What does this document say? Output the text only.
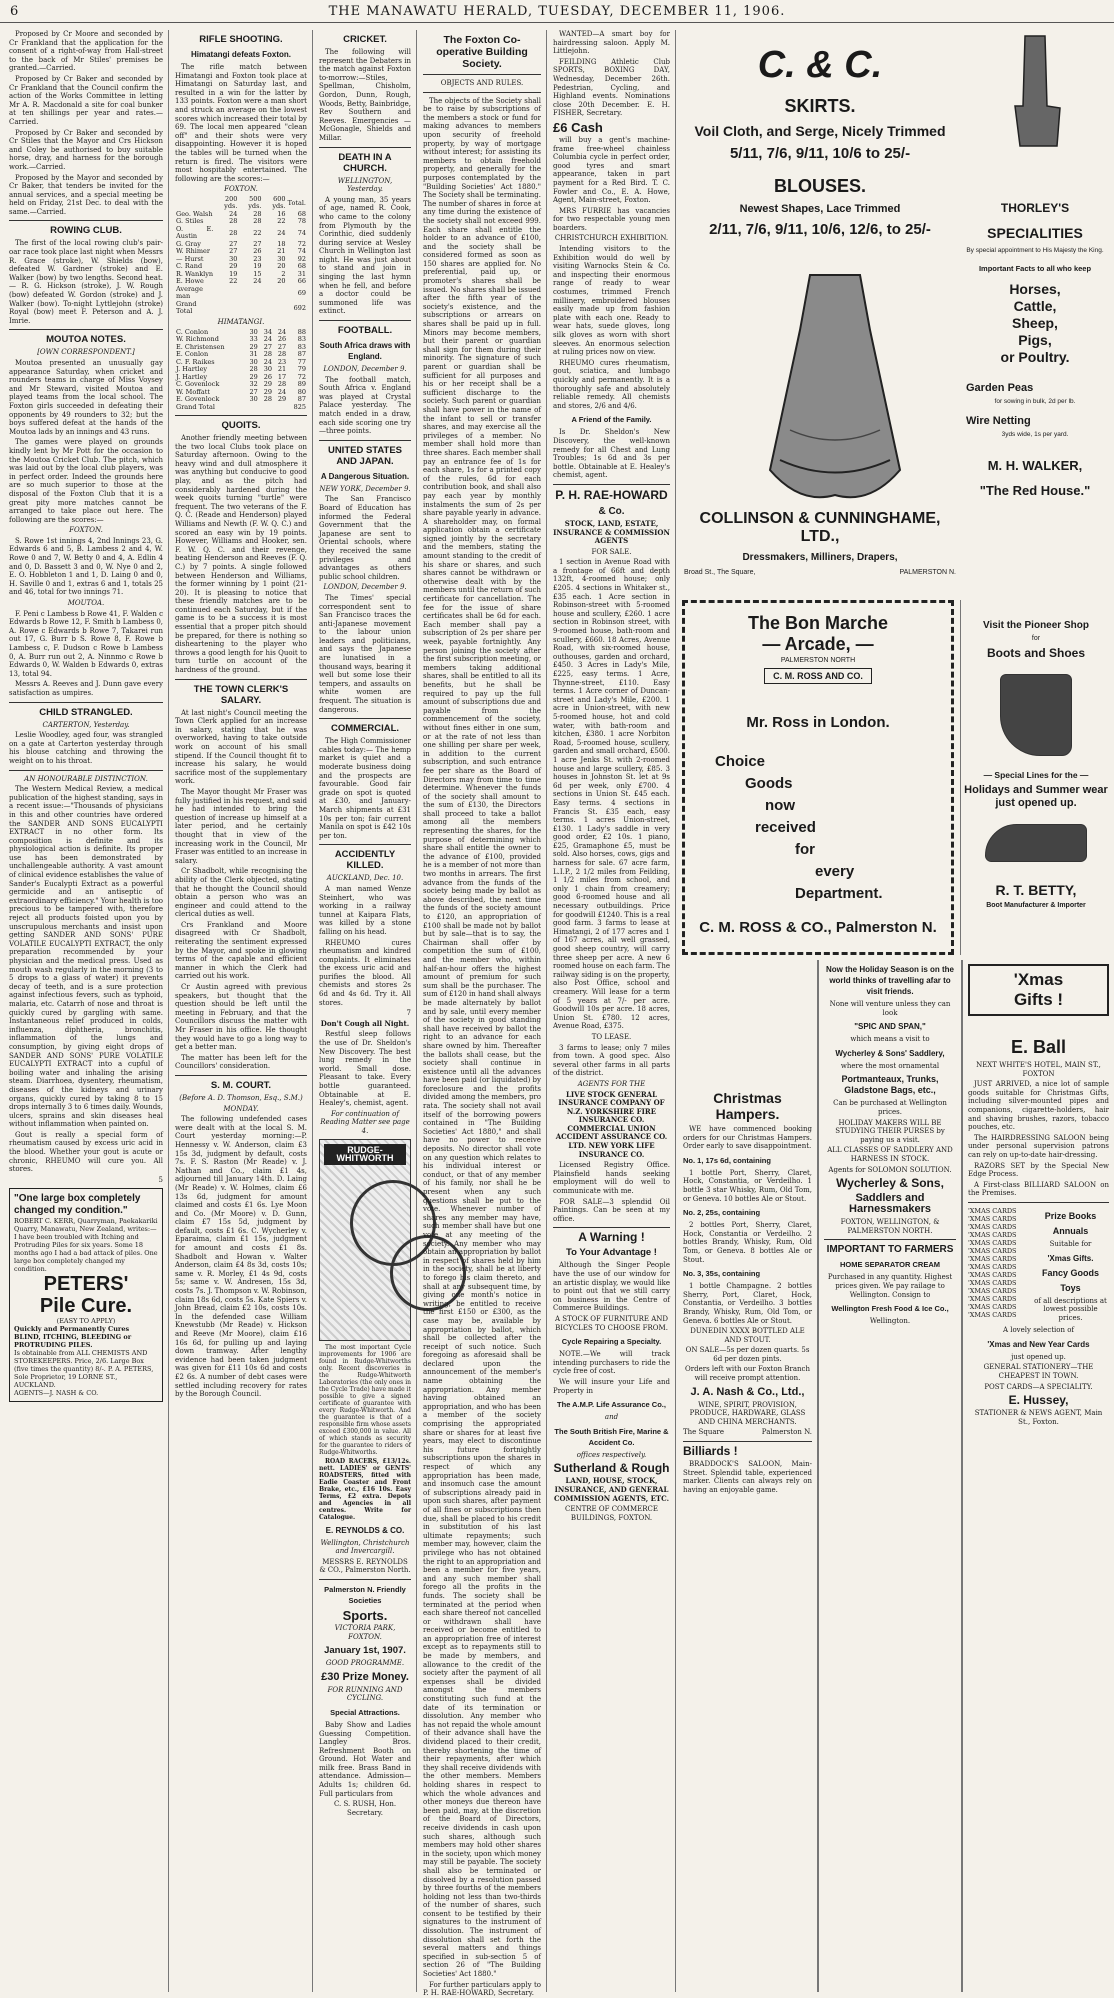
6	THE MANAWATU HERALD, TUESDAY, DECEMBER 11, 1906.

Proposed by Cr Moore and seconded by Cr Frankland that the application for the consent of a right-of-way from Hall-street to the back of Mr Stiles' premises be granted.—Carried.

Proposed by Cr Baker and seconded by Cr Frankland that the Council confirm the action of the Works Committee in letting Mr A. R. Macdonald a site for coal bunker at ten shillings per year and rates.—Carried.

Proposed by Cr Baker and seconded by Cr Stiles that the Mayor and Crs Hickson and Coley be authorised to buy suitable horse, dray, and harness for the borough work.—Carried.

Proposed by the Mayor and seconded by Cr Baker, that tenders be invited for the annual services, and a special meeting be held on Friday, 21st Dec. to deal with the same.—Carried.

ROWING CLUB.

The first of the local rowing club's pair-oar race took place last night when Messrs R. Grace (stroke), W. Shields (bow), defeated W. Gardner (stroke) and E. Walker (bow) by two lengths. Second heat.— R. G. Hickson (stroke), J. W. Rough (bow) defeated W. Gordon (stroke) and J. Walker (bow). To-night Lyttlejohn (stroke) Royal (bow) meet F. Peterson and A. J. Imrie.

MOUTOA NOTES.

[OWN CORRESPONDENT.]

Moutoa presented an unusually gay appearance Saturday, when cricket and rounders teams in charge of Miss Voysey and Mr Steward, visited Moutoa and played teams from the local school. The Foxton girls succeeded in defeating their opponents by 49 rounders to 32; but the boys suffered defeat at the hands of the Moutoa lads by an innings and 43 runs.

The games were played on grounds kindly lent by Mr Pott for the occasion to the Moutoa Cricket Club. The pitch, which was laid out by the local club players, was in perfect order. Indeed the grounds here are so much superior to those at the disposal of the Foxton Club that it is a great pity more matches cannot be arranged to take place out here. The following are the scores:—

FOXTON.

S. Rowe 1st innings 4, 2nd Innings 23, G. Edwards 6 and 5, B. Lambess 2 and 4, W. Rowe 0 and 7, W. Betty 0 and 4, A. Edlin 4 and 0, D. Bassett 3 and 0, W. Nye 0 and 2, E. O. Hobbleton 1 and 1, D. Laing 0 and 0, H. Saville 0 and 1, extras 6 and 1, totals 25 and 46, total for two innings 71.

MOUTOA.

F. Peni c Lambess b Rowe 41, F. Walden c Edwards b Rowe 12, F. Smith b Lambess 0, A. Rowe c Edwards b Rowe 7, Takarei run out 17, G. Burr b S. Rowe 8, F. Rowe b Lambess c, F. Dudson c Rowe b Lambess 0, A. Burr run out 2, A. Ninnmo c Rowe b Edwards 0, W. Walden b Edwards 0, extras 13, total 94.

Messrs A. Reeves and J. Dunn gave every satisfaction as umpires.

CHILD STRANGLED.

CARTERTON, Yesterday.

Leslie Woodley, aged four, was strangled on a gate at Carterton yesterday through his blouse catching and throwing the weight on to his throat.

AN HONOURABLE DISTINCTION.

The Western Medical Review, a medical publication of the highest standing, says in a recent issue:—"Thousands of physicians in this and other countries have ordered the SANDER AND SONS EUCALYPTI EXTRACT in no other form. Its composition is definite and its physiological action is definite. Its proper use has been demonstrated by unchallengeable authority. A vast amount of clinical evidence establishes the value of Sander's Eucalypti Extract as a powerful germicide and an antiseptic of extraordinary efficiency." Your health is too precious to be tampered with, therefore reject all products foisted upon you by unscrupulous merchants and insist upon getting SANDER AND SONS' PURE VOLATILE EUCALYPTI EXTRACT, the only preparation recommended by your physician and the medical press. Used as mouth wash regularly in the morning (3 to 5 drops to a glass of water) it prevents decay of teeth, and is a sure protection against infectious fevers, such as typhoid, malaria, etc. Catarrh of nose and throat is quickly cured by gargling with same. Instantaneous relief produced in colds, influenza, diphtheria, bronchitis, inflammation of the lungs and consumption, by giving eight drops of SANDER AND SONS' PURE VOLATILE EUCALYPTI EXTRACT into a cupful of boiling water and inhaling the arising steam. Diarrhoea, dysentery, rheumatism, diseases of the kidneys and urinary organs, quickly cured by taking 8 to 15 drops internally 3 to 6 times daily. Wounds, ulcers, sprains and skin diseases heal without inflammation when painted on.

Gout is really a special form of rheumatism caused by excess uric acid in the blood. Whether your gout is acute or chronic, RHEUMO will cure you. All stores.

5

"One large box completely changed my condition."
ROBERT C. KERR, Quarryman, Paekakariki Quarry, Manawatu, New Zealand, writes:— I have been troubled with Itching and Protruding Piles for six years. Some 18 months ago I had a bad attack of piles. One large box completely changed my condition.
PETERS'
Pile Cure.
(EASY TO APPLY)
Quickly and Permanently Cures BLIND, ITCHING, BLEEDING or PROTRUDING PILES.
Is obtainable from ALL CHEMISTS AND STOREKEEPERS. Price, 2/6. Large Box (five times the quantity) 8/-. P. A. PETERS, Sole Proprietor, 19 LORNE ST., AUCKLAND.
AGENTS—J. NASH & CO.

RIFLE SHOOTING.

Himatangi defeats Foxton.

The rifle match between Himatangi and Foxton took place at Himatangi on Saturday last, and resulted in a win for the latter by 133 points. Foxton were a man short and struck an average on the lowest scores which increased their total by 69. The local men appeared "clean off" and their shots were very disappointing. However it is hoped the tables will be turned when the return is fired. The visitors were most hospitably entertained. The following are the scores:—

FOXTON.

	200 yds.	500 yds.	600 yds.	Total.
Geo. Walsh	24	28	16	68
G. Stiles	28	28	22	78
O. E. Austin	28	22	24	74
G. Gray	27	27	18	72
W. Rhimer	27	26	21	74
— Hurst	30	23	30	92
C. Rand	29	19	20	68
R. Wanklyn	19	15	2	31
E. Howe	22	24	20	66
Average man				69
Grand Total				692

HIMATANGI.

C. Conlon	30	34	24	88
W. Richmond	33	24	26	83
E. Christensen	29	27	27	83
E. Conlon	31	28	28	87
C. F. Raikes	30	24	23	77
J. Hartley	28	30	21	79
J. Hartley	29	26	17	72
C. Govenlock	32	29	28	89
W. Moffatt	27	29	24	80
E. Govenlock	30	28	29	87
Grand Total				825

QUOITS.

Another friendly meeting between the two local Clubs took place on Saturday afternoon. Owing to the heavy wind and dull atmosphere it was anything but conducive to good play, and as the pitch had considerably hardened during the week quoits turning "turtle" were frequent. The two veterans of the F. Q. C. (Reade and Henderson) played Williams and Newth (F. W. Q. C.) and scored an easy win by 19 points. However, Williams and Hooker, sen. F. W. Q. C. and their revenge, beating Henderson and Reeves (F. Q. C.) by 7 points. A single followed between Henderson and Williams, the former winning by 1 point (21-20). It is pleasing to notice that these friendly matches are to be continued each Saturday, but if the game is to be a success it is most essential that a proper pitch should be prepared, for there is nothing so disheartening to the player who throws a good length for his Quoit to turn turtle on account of the hardness of the ground.

THE TOWN CLERK'S SALARY.

At last night's Council meeting the Town Clerk applied for an increase in salary, stating that he was overworked, having to take outside work on account of his small stipend. If the Council thought fit to increase his salary, he would sacrifice most of the supplementary work.

The Mayor thought Mr Fraser was fully justified in his request, and said he had intended to bring the question of increase up himself at a later period, and he certainly thought that in view of the increasing work in the Council, Mr Fraser was entitled to an increase in salary.

Cr Shadbolt, while recognising the ability of the Clerk objected, stating that he thought the Council should obtain a person who was an engineer and could attend to the clerical duties as well.

Crs Frankland and Moore disagreed with Cr Shadbolt, reiterating the sentiment expressed by the Mayor, and spoke in glowing terms of the capable and efficient manner in which the Clerk had carried out his work.

Cr Austin agreed with previous speakers, but thought that the question should be left until the meeting in February, and that the Councillors discuss the matter with Mr Fraser in his office. He thought they would have to go a long way to get a better man.

The matter has been left for the Councillors' consideration.

S. M. COURT.

(Before A. D. Thomson, Esq., S.M.)

MONDAY.

The following undefended cases were dealt with at the local S. M. Court yesterday morning:—P. Hennessy v. W. Anderson, claim £3 15s 3d, judgment by default, costs 7s. F. S. Raston (Mr Reade) v. J. Nathan and Co., claim £1 4s, adjourned till January 14th. D. Laing (Mr Reade) v. W. Holmes, claim £6 13s 6d, judgment for amount claimed and costs £1 6s. Lye Moon and Co. (Mr Moore) v. D. Gunn, claim £7 15s 5d, judgment by default, costs £1 6s. C. Wycherley v. Eparaima, claim £1 15s, judgment for amount and costs £1 8s. Shadbolt and Howan v. Walter Anderson, claim £4 8s 3d, costs 10s; same v. R. Morley, £1 4s 9d, costs 5s; same v. W. Andresen, 15s 3d, costs 7s. J. Thompson v. W. Robinson, claim 18s 6d, costs 5s. Kate Spiers v. John Bread, claim £2 10s, costs 10s. In the defended case William Knewstubb (Mr Reade) v. Hickson and Reeve (Mr Moore), claim £16 16s 6d, for pulling up and laying down tramway. After lengthy evidence had been taken judgment was given for £11 10s 6d and costs £2 6s. A number of debt cases were settled including recovery for rates by the Borough Council.

CRICKET.

The following will represent the Debaters in the match against Foxton to-morrow:—Stiles, Spellman, Chisholm, Gordon, Dunn, Rough, Woods, Betty, Bainbridge, Rev Southern and Reeves. Emergencies — McGonagle, Shields and Millar.

DEATH IN A CHURCH.

WELLINGTON, Yesterday.

A young man, 35 years of age, named R. Cook, who came to the colony from Plymouth by the Corinthic, died suddenly during service at Wesley Church in Wellington last night. He was just about to stand and join in singing the last hymn when he fell, and before a doctor could be summoned life was extinct.

FOOTBALL.

South Africa draws with England.

LONDON, December 9.

The football match, South Africa v. England was played at Crystal Palace yesterday. The match ended in a draw, each side scoring one try—three points.

UNITED STATES AND JAPAN.

A Dangerous Situation.

NEW YORK, December 9.

The San Francisco Board of Education has informed the Federal Government that the Japanese are sent to Oriental schools, where they received the same privileges and advantages as others public school children.

LONDON, December 9.

The Times' special correspondent sent to San Francisco traces the anti-Japanese movement to the labour union leaders and politicians, and says the Japanese are lunatised in a thousand ways, bearing it well but some lose their tempers, and assaults on white women are frequent. The situation is dangerous.

COMMERCIAL.

The High Commissioner cables today:— The hemp market is quiet and a moderate business doing and the prospects are favourable. Good fair grade on spot is quoted at £30, and January-March shipments at £31 10s per ton; fair current Manila on spot is £42 10s per ton.

ACCIDENTLY KILLED.

AUCKLAND, Dec. 10.

A man named Wenze Steinhert, who was working in a railway tunnel at Kaipara Flats, was killed by a stone falling on his head.

RHEUMO cures rheumatism and kindred complaints. It eliminates the excess uric acid and purifies the blood. All chemists and stores 2s 6d and 4s 6d. Try it. All stores.

7

Don't Cough all Night.

Restful sleep follows the use of Dr. Sheldon's New Discovery. The best lung remedy in the world. Small dose. Pleasant to take. Every bottle guaranteed. Obtainable at E. Healey's, chemist, agent.

For continuation of Reading Matter see page 4.

RUDGE-WHITWORTH

The most important Cycle improvements for 1906 are found in Rudge-Whitworths only. Recent discoveries in the Rudge-Whitworth Laboratories (the only ones in the Cycle Trade) have made it possible to give a signed certificate of guarantee with every Rudge-Whitworth. And the guarantee is that of a responsible firm whose assets exceed £300,000 in value. All of which stands as security for the guarantee to riders of Rudge-Whitworths.

ROAD RACERS, £13/12s. nett. LADIES' or GENTS' ROADSTERS, fitted with Eadie Coaster and Front Brake, etc., £16 10s. Easy Terms, £2 extra. Depots and Agencies in all centres. Write for Catalogue.

E. REYNOLDS & CO.

Wellington, Christchurch and Invercargill.

MESSRS E. REYNOLDS & CO., Palmerston North.

Palmerston N. Friendly Societies

Sports.

VICTORIA PARK, FOXTON.

January 1st, 1907.

GOOD PROGRAMME.

£30 Prize Money.

FOR RUNNING AND CYCLING.

Special Attractions.

Baby Show and Ladies Guessing Competition. Langley Bros. Refreshment Booth on Ground. Hot Water and milk free. Brass Band in attendance. Admission—Adults 1s; children 6d. Full particulars from

C. S. RUSH, Hon. Secretary.

The Foxton Co-operative Building Society.

OBJECTS AND RULES.

The objects of the Society shall be to raise by subscriptions of the members a stock or fund for making advances to members upon security of freehold property, by way of mortgage without interest; for assisting its members to obtain freehold property, and generally for the purposes contemplated by the "Building Societies' Act 1880." The Society shall be terminating. The number of shares in force at any time during the existence of the society shall not exceed 999. Each share shall entitle the holder to an advance of £100, and the society shall be considered formed as soon as 150 shares are applied for. No preferential, paid up, or promoter's shares shall be issued. No shares shall be issued after the fifth year of the society's existence, and the subscriptions or arrears on shares shall be paid up in full. Minors may become members, but their parent or guardian shall sign for them during their minority. The signature of such parent or guardian shall be sufficient for all purposes and his or her receipt shall be a sufficient discharge to the society. Such parent or guardian shall have power in the name of the infant to sell or transfer shares, and may exercise all the privileges of a member. No member shall hold more than three shares. Each member shall pay an entrance fee of 1s for each share, 1s for a printed copy of the rules, 6d for each contribution book, and shall also pay each year by monthly instalments the sum of 2s per share payable yearly in advance. A shareholder may, on formal application obtain a certificate signed jointly by the secretary and the members, stating the amount standing to the credit of his share or shares, and such shares cannot be withdrawn or otherwise dealt with by the members until the return of such certificate for cancellation. The fee for the issue of share certificates shall be 6d for each. Each member shall pay a subscription of 2s per share per week, payable fortnightly. Any person joining the society after the first subscription meeting, or members taking additional shares, shall be entitled to all its benefits, but he shall be required to pay up the full amount of subscriptions due and payable from the commencement of the society, without fines either in one sum, or at the rate of not less than one shilling per share per week, in addition to the current subscription, and such entrance fee per share as the Board of Directors may from time to time determine. Whenever the funds of the society shall amount to the sum of £130, the Directors shall proceed to take a ballot among all the members representing the shares, for the purpose of determining which share shall entitle the owner to the advance of £100, provided he is a member of not more than two months in arrears. The first advance from the funds of the society being made by ballot as above described, the next time the funds of the society amount to £120, an appropriation of £100 shall be made not by ballot but by sale—that is to say, the Chairman shall offer by competition the sum of £100, and the member who, within half-an-hour offers the highest amount of premium for such sum shall be the purchaser. The sum of £120 in hand shall always be made alternately by ballot and by sale, until every member of the society in good standing shall have received by ballot the right to an advance for each share owned by him. Thereafter the ballots shall cease, but the society shall continue in existence until all the advances have been paid (or liquidated) by foreclosure and the profits divided among the members, pro rata. The society shall not avail itself of the borrowing powers contained in "The Building Societies' Act 1880," and shall have no power to receive deposits. No director shall vote on any question which relates to his individual interest or conduct, or that of any member of his family, nor shall he be present when any such questions shall be put to the vote. Whenever number of shares any member may have, such member shall have but one vote at any meeting of the society. Any member who may obtain an appropriation by ballot in respect of shares held by him in the society, shall be at liberty to forego his claim thereto, and shall at any subsequent time, by giving one month's notice in writing, be entitled to receive the first £150 or £300, as the case may be, available by appropriation by ballot, which shall be collected after the receipt of such notice. Such foregoing as aforesaid shall be declared upon the announcement of the member's name obtaining the appropriation. Any member having obtained an appropriation, and who has been a member of the society comprising the appropriated share or shares for at least five years, may elect to discontinue his future fortnightly subscriptions upon the shares in respect of which any appropriation has been made, and insomuch case the amount of subscriptions already paid in upon such shares, after payment of all fines or subscriptions then due, shall be placed to his credit in substitution of his last ultimate repayments; such member may, however, claim the privilege who has not obtained the right to an appropriation and been a member for five years, and any such member shall forego all the profits in the funds. The society shall be terminated at the period when each share thereof not cancelled or withdrawn shall have received or become entitled to an appropriation free of interest except as to repayments still to be made by members, and allowance to the credit of the society after the payment of all expenses shall be divided amongst the members constituting such fund at the date of its termination or dissolution. Any member who has not repaid the whole amount of their advance shall have the dividend placed to their credit, thereby shortening the time of their repayments, after which they shall receive dividends with the other members. Members holding shares in respect to which the whole advances and other moneys due thereon have been paid, may, at the discretion of the Board of Directors, receive dividends in cash upon such shares, although such members may hold other shares in the society, upon which money may still be payable. The society shall also be terminated or dissolved by a resolution passed by three fourths of the members holding not less than two-thirds of the number of shares, such consent to be testified by their signatures to the instrument of dissolution. The instrument of dissolution shall set forth the several matters and things specified in sub-section 5 of section 26 of "The Building Societies' Act 1880."

For further particulars apply to P. H. RAE-HOWARD, Secretary.

WANTED—A smart boy for hairdressing saloon. Apply M. Littlejohn.

FEILDING Athletic Club SPORTS, BOXING DAY, Wednesday, December 26th. Pedestrian, Cycling, and Highland events. Nominations close 20th December. E. H. FISHER, Secretary.

£6 Cash

will buy a gent's machine-frame free-wheel chainless Columbia cycle in perfect order, good tyres and smart appearance, taken in part payment for a Red Bird. T. C. Fowler and Co., E. A. Howe, Agent, Main-street, Foxton.

MRS FURRIE has vacancies for two respectable young men boarders.

CHRISTCHURCH EXHIBITION.

Intending visitors to the Exhibition would do well by visiting Warnocks Stein & Co. and inspecting their enormous range of ready to wear costumes, trimmed French millinery, embroidered blouses easily made up from fashion plate with each one. Ready to wear hats, suede gloves, long silk gloves as worn with short sleeves. An enormous selection at ruling prices now on view.

RHEUMO cures rheumatism, gout, sciatica, and lumbago quickly and permanently. It is a thoroughly safe and absolutely reliable remedy. All chemists and stores, 2/6 and 4/6.

A Friend of the Family.

Is Dr. Sheldon's New Discovery, the well-known remedy for all Chest and Lung Troubles; 1s 6d and 3s per bottle. Obtainable at E. Healey's chemist, agent.

P. H. RAE-HOWARD

& Co.

STOCK, LAND, ESTATE, INSURANCE & COMMISSION AGENTS

FOR SALE.

1 section in Avenue Road with a frontage of 66ft and depth 132ft, 4-roomed house; only £205. 4 sections in Whitaker st., £35 each. 1 Acre section in Robinson-street with 5-roomed house and scullery, £260. 1 acre section in Robinson street, with 9-roomed house, bath-room and scullery, £660. 18 Acres, Avenue Road, with six-roomed house, outhouses, garden and orchard, £450. 3 Acres in Lady's Mile, £225, easy terms. 1 Acre, Thynne-street, £110. Easy terms. 1 Acre corner of Duncan-street and Lady's Mile, £200. 1 acre in Union-street, with new 5-roomed house, hot and cold water, with bath-room and kitchen, £380. 1 acre Norbiton Road, 5-roomed house, scullery, garden and small orchard, £500. 1 acre Jenks St. with 2-roomed house and large scullery, £85. 3 houses in Johnston St. let at 9s 6d per week, only £700. 4 sections in Union St. £45 each. Easy terms. 4 sections in Francis St. £35 each, easy terms. 1 acres Union-street, £130. 1 Lady's saddle in very good order, £2 10s. 1 piano, £25, Gramaphone £5, must be sold. Also horses, cows, gigs and harness for sale. 67 acre farm, L.I.P., 2 1/2 miles from Feilding, 1 1/2 miles from school, and only 1 chain from creamery; good 6-roomed house and all necessary outbuildings. Price for goodwill £1240. This is a real good farm. 3 farms to lease at Himatangi, 2 of 177 acres and 1 of 167 acres, all well grassed, good sheep country, will carry three sheep per acre. A new 6 roomed house on each farm. The railway siding is on the property, also Post Office, school and creamery. Will lease for a term of 5 years at 7/- per acre. Goodwill 10s per acre. 18 acres, Union St. £780. 12 acres, Avenue Road, £375.

TO LEASE.

3 farms to lease; only 7 miles from town. A good spec. Also several other farms in all parts of the district.

AGENTS FOR THE

LIVE STOCK GENERAL INSURANCE COMPANY OF N.Z. YORKSHIRE FIRE INSURANCE CO. COMMERCIAL UNION ACCIDENT ASSURANCE CO. LTD. NEW YORK LIFE INSURANCE CO.

Licensed Registry Office. Plainsfield hands seeking employment will do well to communicate with me.

FOR SALE—3 splendid Oil Paintings. Can be seen at my office.

A Warning !

To Your Advantage !

Although the Singer People have the use of our window for an artistic display, we would like to point out that we still carry on business in the Centre of Commerce Buildings.

A STOCK OF FURNITURE AND BICYCLES TO CHOOSE FROM.

Cycle Repairing a Specialty.

NOTE.—We will track intending purchasers to ride the cycle free of cost.

We will insure your Life and Property in

The A.M.P. Life Assurance Co.,

and

The South British Fire, Marine & Accident Co.

offices respectively.

Sutherland & Rough

LAND, HOUSE, STOCK, INSURANCE, AND GENERAL COMMISSION AGENTS, ETC.

CENTRE OF COMMERCE BUILDINGS, FOXTON.

C. & C.
SKIRTS.
Voil Cloth, and Serge, Nicely Trimmed
5/11, 7/6, 9/11, 10/6 to 25/-
BLOUSES.
Newest Shapes, Lace Trimmed
2/11, 7/6, 9/11, 10/6, 12/6, to 25/-
COLLINSON & CUNNINGHAME, LTD.,
Dressmakers, Milliners, Drapers,
Broad St., The Square,	PALMERSTON N.
THORLEY'S
SPECIALITIES
By special appointment to His Majesty the King.
Important Facts to all who keep
Horses,
Cattle,
Sheep,
Pigs,
or Poultry.
Garden Peas
for sowing in bulk, 2d per lb.
Wire Netting
3yds wide, 1s per yard.
M. H. WALKER,
"The Red House."
The Bon Marche
— Arcade, —
PALMERSTON NORTH
C. M. ROSS AND CO.
Mr. Ross in London.
Choice
Goods
now
received
for
every
Department.
C. M. ROSS & CO., Palmerston N.
Visit the Pioneer Shop
for
Boots and Shoes
— Special Lines for the —
Holidays and Summer wear just opened up.
R. T. BETTY,
Boot Manufacturer & Importer

Now the Holiday Season is on the world thinks of travelling afar to visit friends.

None will venture unless they can look

"SPIC AND SPAN,"

which means a visit to

Wycherley & Sons' Saddlery,

where the most ornamental

Portmanteaux, Trunks, Gladstone Bags, etc.,

Can be purchased at Wellington prices.

HOLIDAY MAKERS WILL BE STUDYING THEIR PURSES by paying us a visit.

ALL CLASSES OF SADDLERY AND HARNESS IN STOCK.

Agents for SOLOMON SOLUTION.

Wycherley & Sons,

Saddlers and Harnessmakers

FOXTON, WELLINGTON, & PALMERSTON NORTH.

IMPORTANT TO FARMERS

HOME SEPARATOR CREAM

Purchased in any quantity. Highest prices given. We pay railage to Wellington. Consign to

Wellington Fresh Food & Ice Co.,

Wellington.

Christmas Hampers.

WE have commenced booking orders for our Christmas Hampers. Order early to save disappointment.

No. 1, 17s 6d, containing

1 bottle Port, Sherry, Claret, Hock, Constantia, or Verdeilho. 1 bottle 3 star Whisky, Rum, Old Tom, or Geneva. 10 bottles Ale or Stout.

No. 2, 25s, containing

2 bottles Port, Sherry, Claret, Hock, Constantia or Verdeilho. 2 bottles Brandy, Whisky, Rum, Old Tom, or Geneva. 8 bottles Ale or Stout.

No. 3, 35s, containing

1 bottle Champagne. 2 bottles Sherry, Port, Claret, Hock, Constantia, or Verdeilho. 3 bottles Brandy, Whisky, Rum, Old Tom, or Geneva. 6 bottles Ale or Stout.

DUNEDIN XXXX BOTTLED ALE AND STOUT.

ON SALE—5s per dozen quarts. 5s 6d per dozen pints.

Orders left with our Foxton Branch will receive prompt attention.

J. A. Nash & Co., Ltd.,

WINE, SPIRIT, PROVISION, PRODUCE, HARDWARE, GLASS AND CHINA MERCHANTS.

The Square	Palmerston N.

Billiards !

BRADDOCK'S SALOON, Main-Street. Splendid table, experienced marker. Clients can always rely on having an enjoyable game.

'Xmas
Gifts !

E. Ball

NEXT WHITE'S HOTEL, MAIN ST., FOXTON

JUST ARRIVED, a nice lot of sample goods suitable for Christmas Gifts, including silver-mounted pipes and companions, cigarette-holders, hair and shaving brushes, razors, tobacco pouches, etc.

The HAIRDRESSING SALOON being under personal supervision patrons can rely on up-to-date hair-dressing.

RAZORS SET by the Special New Edge Process.

A First-class BILLIARD SALOON on the Premises.

'XMAS CARDS
'XMAS CARDS
'XMAS CARDS
'XMAS CARDS
'XMAS CARDS
'XMAS CARDS
'XMAS CARDS
'XMAS CARDS
'XMAS CARDS
'XMAS CARDS
'XMAS CARDS
'XMAS CARDS
'XMAS CARDS
'XMAS CARDS

Prize Books

Annuals

Suitable for

'Xmas Gifts.

Fancy Goods

Toys

of all descriptions at lowest possible prices.

A lovely selection of

'Xmas and New Year Cards

just opened up.

GENERAL STATIONERY—THE CHEAPEST IN TOWN.

POST CARDS—A SPECIALITY.

E. Hussey,

STATIONER & NEWS AGENT, Main St., Foxton.
